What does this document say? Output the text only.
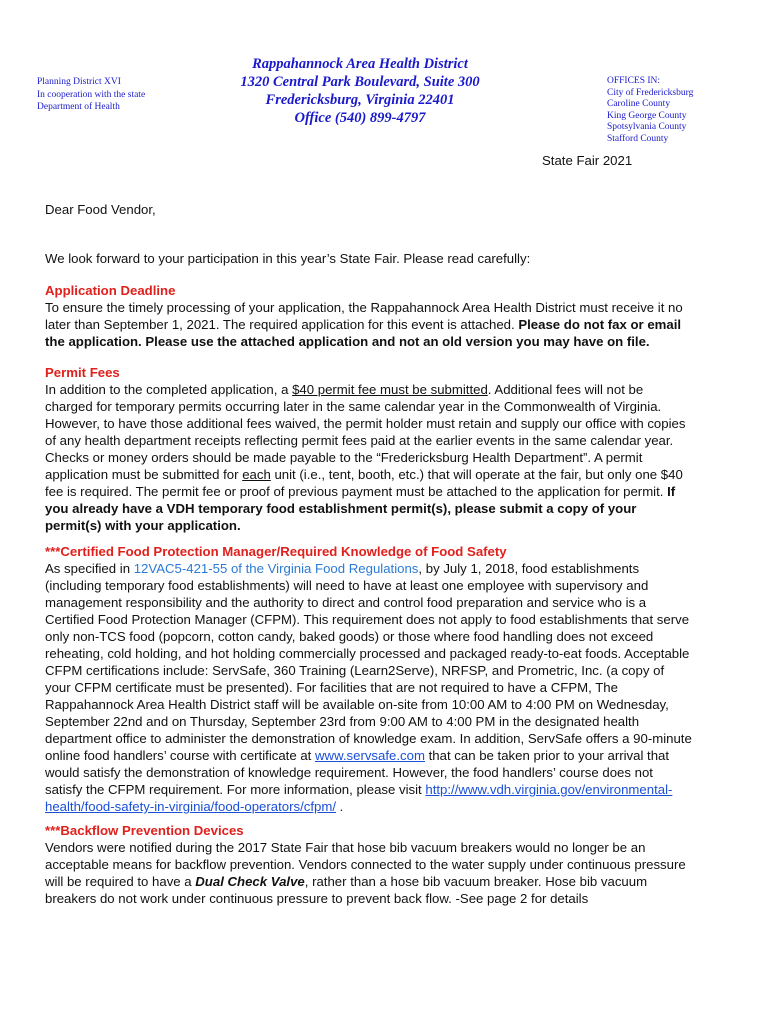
Planning District XVI
In cooperation with the state
Department of Health
Rappahannock Area Health District
1320 Central Park Boulevard, Suite 300
Fredericksburg, Virginia 22401
Office (540) 899-4797
OFFICES IN:
City of Fredericksburg
Caroline County
King George County
Spotsylvania County
Stafford County
State Fair 2021
Dear Food Vendor,
We look forward to your participation in this year’s State Fair. Please read carefully:
Application Deadline
To ensure the timely processing of your application, the Rappahannock Area Health District must receive it no
later than September 1, 2021. The required application for this event is attached. Please do not fax or email
the application. Please use the attached application and not an old version you may have on file.
Permit Fees
In addition to the completed application, a $40 permit fee must be submitted. Additional fees will not be
charged for temporary permits occurring later in the same calendar year in the Commonwealth of Virginia.
However, to have those additional fees waived, the permit holder must retain and supply our office with copies
of any health department receipts reflecting permit fees paid at the earlier events in the same calendar year.
Checks or money orders should be made payable to the “Fredericksburg Health Department”. A permit
application must be submitted for each unit (i.e., tent, booth, etc.) that will operate at the fair, but only one $40
fee is required. The permit fee or proof of previous payment must be attached to the application for permit. If
you already have a VDH temporary food establishment permit(s), please submit a copy of your
permit(s) with your application.
***Certified Food Protection Manager/Required Knowledge of Food Safety
As specified in 12VAC5-421-55 of the Virginia Food Regulations, by July 1, 2018, food establishments
(including temporary food establishments) will need to have at least one employee with supervisory and
management responsibility and the authority to direct and control food preparation and service who is a
Certified Food Protection Manager (CFPM). This requirement does not apply to food establishments that serve
only non-TCS food (popcorn, cotton candy, baked goods) or those where food handling does not exceed
reheating, cold holding, and hot holding commercially processed and packaged ready-to-eat foods. Acceptable
CFPM certifications include: ServSafe, 360 Training (Learn2Serve), NRFSP, and Prometric, Inc. (a copy of
your CFPM certificate must be presented). For facilities that are not required to have a CFPM, The
Rappahannock Area Health District staff will be available on-site from 10:00 AM to 4:00 PM on Wednesday,
September 22nd and on Thursday, September 23rd from 9:00 AM to 4:00 PM in the designated health
department office to administer the demonstration of knowledge exam. In addition, ServSafe offers a 90-minute
online food handlers’ course with certificate at www.servsafe.com that can be taken prior to your arrival that
would satisfy the demonstration of knowledge requirement. However, the food handlers’ course does not
satisfy the CFPM requirement. For more information, please visit http://www.vdh.virginia.gov/environmental-
health/food-safety-in-virginia/food-operators/cfpm/ .
***Backflow Prevention Devices
Vendors were notified during the 2017 State Fair that hose bib vacuum breakers would no longer be an
acceptable means for backflow prevention. Vendors connected to the water supply under continuous pressure
will be required to have a Dual Check Valve, rather than a hose bib vacuum breaker. Hose bib vacuum
breakers do not work under continuous pressure to prevent back flow. -See page 2 for details
